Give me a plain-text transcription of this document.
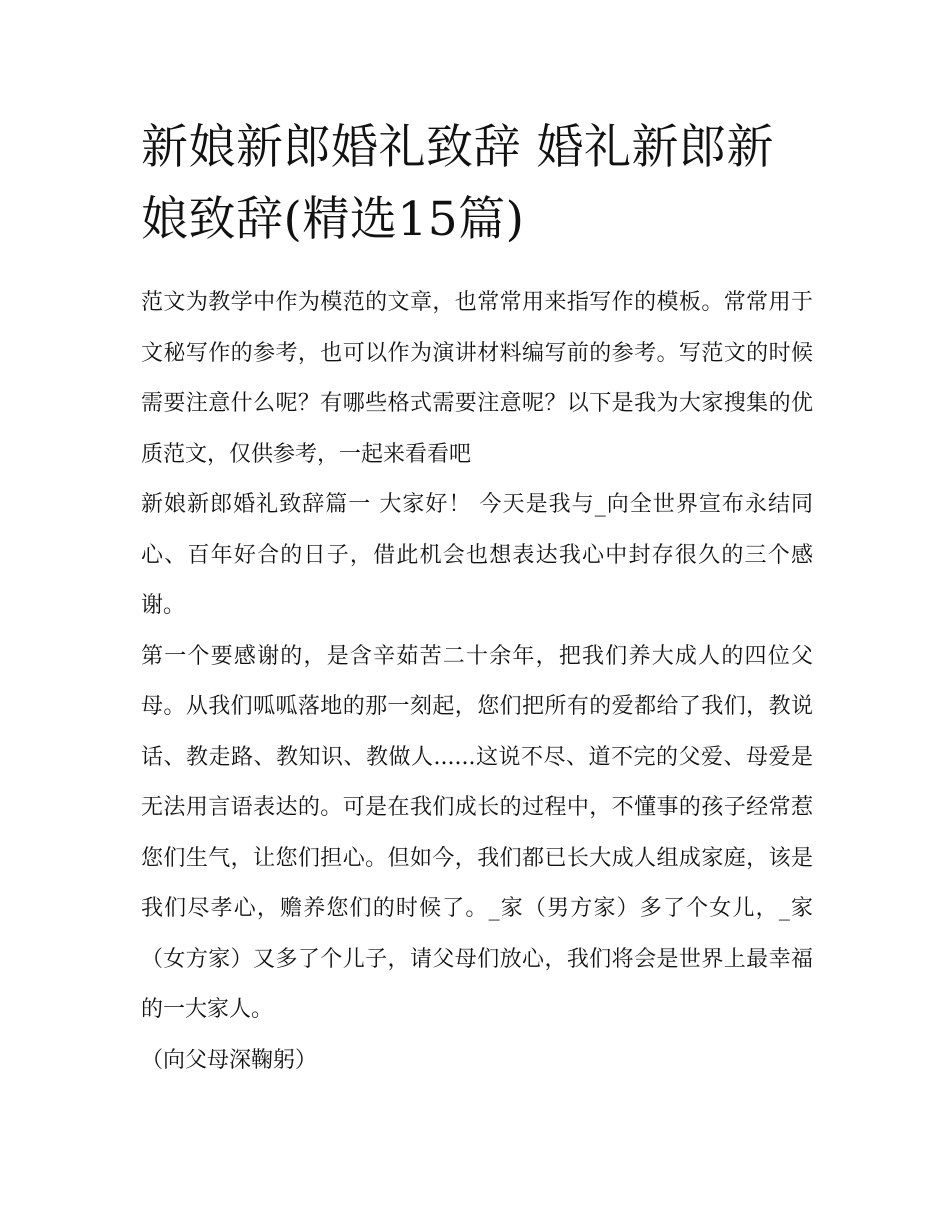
新娘新郎婚礼致辞 婚礼新郎新娘致辞(精选15篇)

范文为教学中作为模范的文章，也常常用来指写作的模板。常常用于文秘写作的参考，也可以作为演讲材料编写前的参考。写范文的时候需要注意什么呢？有哪些格式需要注意呢？以下是我为大家搜集的优质范文，仅供参考，一起来看看吧

新娘新郎婚礼致辞篇一 大家好！ 今天是我与_向全世界宣布永结同心、百年好合的日子，借此机会也想表达我心中封存很久的三个感谢。

第一个要感谢的，是含辛茹苦二十余年，把我们养大成人的四位父母。从我们呱呱落地的那一刻起，您们把所有的爱都给了我们，教说话、教走路、教知识、教做人......这说不尽、道不完的父爱、母爱是无法用言语表达的。可是在我们成长的过程中，不懂事的孩子经常惹您们生气，让您们担心。但如今，我们都已长大成人组成家庭，该是我们尽孝心，赡养您们的时候了。_家（男方家）多了个女儿，_家（女方家）又多了个儿子，请父母们放心，我们将会是世界上最幸福的一大家人。

（向父母深鞠躬）
